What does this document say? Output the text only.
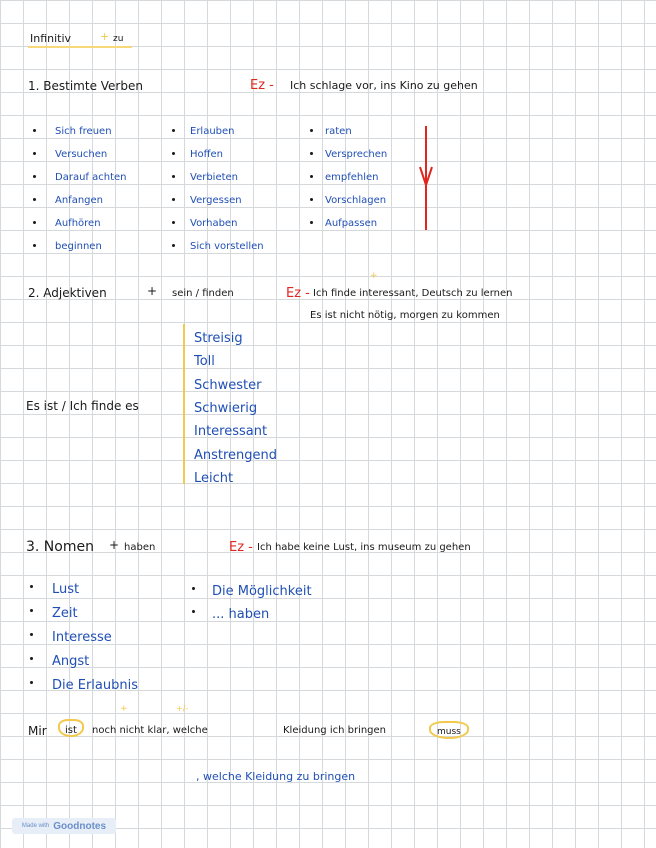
Infinitiv	+ zu
1. Bestimte Verben	Ez - Ich schlage vor, ins Kino zu gehen
Sich freuen
Versuchen
Darauf achten
Anfangen
Aufhören
beginnen
Erlauben
Hoffen
Verbieten
Vergessen
Vorhaben
Sich vorstellen
raten
Versprechen
empfehlen
Vorschlagen
Aufpassen
2. Adjektiven	+ sein / finden	Ez - Ich finde interessant, Deutsch zu lernen
Es ist nicht nötig, morgen zu kommen
+
Es ist / Ich finde es
Streisig
Toll
Schwester
Schwierig
Interessant
Anstrengend
Leicht
3. Nomen + haben	Ez - Ich habe keine Lust, ins museum zu gehen
Lust
Zeit
Interesse
Angst
Die Erlaubnis
Die Möglichkeit
... haben
+	+/-
Mir ist noch nicht klar, welche	Kleidung ich bringen	muss
, welche Kleidung zu bringen
Made with Goodnotes
